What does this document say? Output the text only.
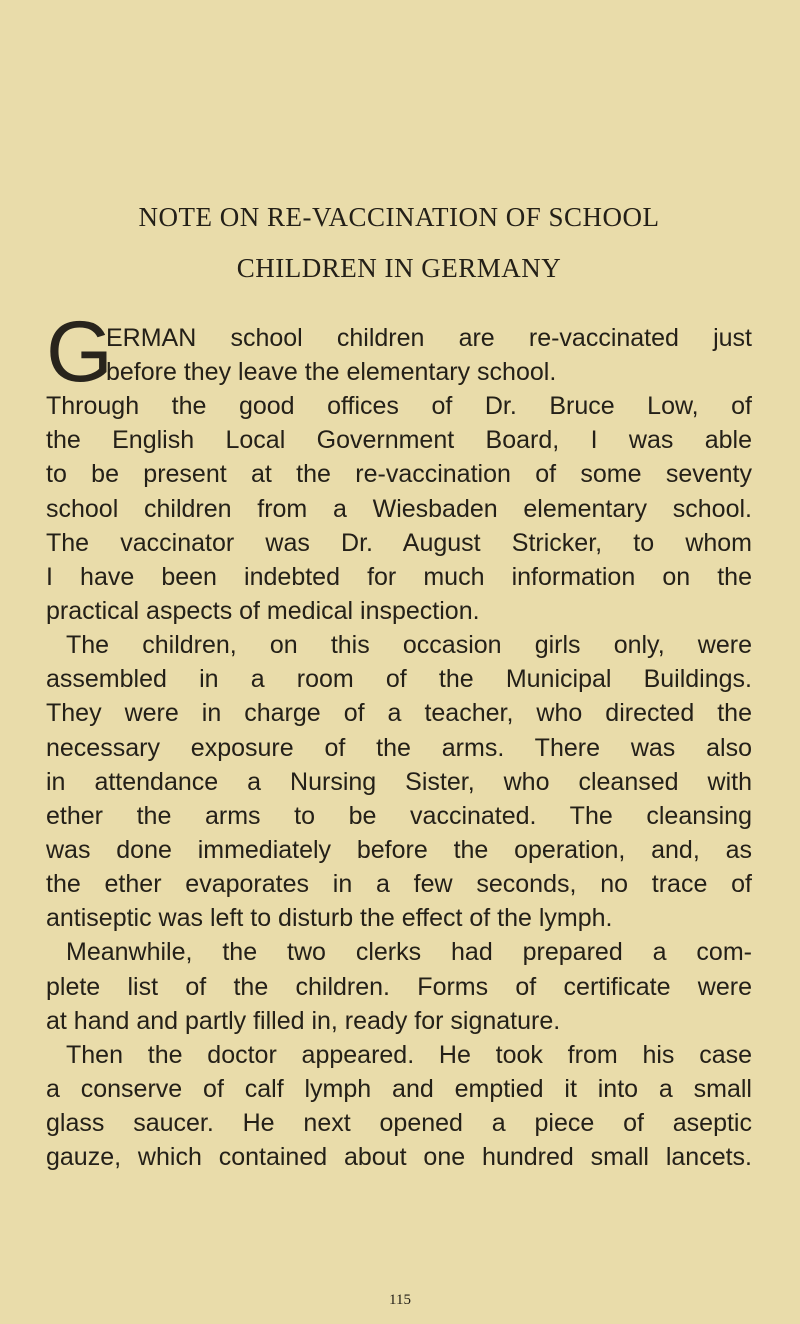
NOTE ON RE-VACCINATION OF SCHOOL
CHILDREN IN GERMANY
G
ERMAN school children are re-vaccinated just
before they leave the elementary school.
Through the good offices of Dr. Bruce Low, of
the English Local Government Board, I was able
to be present at the re-vaccination of some seventy
school children from a Wiesbaden elementary school.
The vaccinator was Dr. August Stricker, to whom
I have been indebted for much information on the
practical aspects of medical inspection.
The children, on this occasion girls only, were
assembled in a room of the Municipal Buildings.
They were in charge of a teacher, who directed the
necessary exposure of the arms. There was also
in attendance a Nursing Sister, who cleansed with
ether the arms to be vaccinated. The cleansing
was done immediately before the operation, and, as
the ether evaporates in a few seconds, no trace of
antiseptic was left to disturb the effect of the lymph.
Meanwhile, the two clerks had prepared a com-
plete list of the children. Forms of certificate were
at hand and partly filled in, ready for signature.
Then the doctor appeared. He took from his case
a conserve of calf lymph and emptied it into a small
glass saucer. He next opened a piece of aseptic
gauze, which contained about one hundred small lancets.
115
